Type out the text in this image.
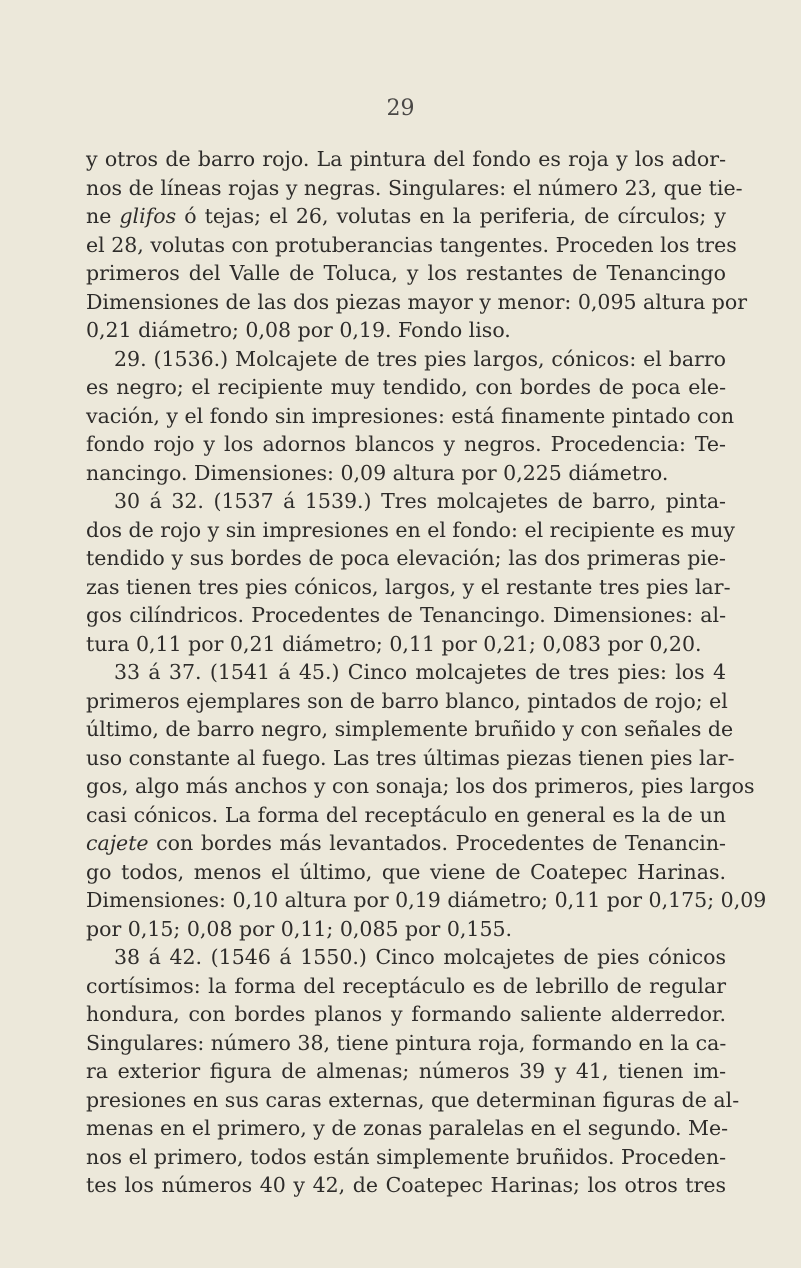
29
y otros de barro rojo. La pintura del fondo es roja y los ador-
nos de líneas rojas y negras. Singulares: el número 23, que tie-
ne glifos ó tejas; el 26, volutas en la periferia, de círculos; y
el 28, volutas con protuberancias tangentes. Proceden los tres
primeros del Valle de Toluca, y los restantes de Tenancingo
Dimensiones de las dos piezas mayor y menor: 0,095 altura por
0,21 diámetro; 0,08 por 0,19. Fondo liso.
29. (1536.) Molcajete de tres pies largos, cónicos: el barro
es negro; el recipiente muy tendido, con bordes de poca ele-
vación, y el fondo sin impresiones: está finamente pintado con
fondo rojo y los adornos blancos y negros. Procedencia: Te-
nancingo. Dimensiones: 0,09 altura por 0,225 diámetro.
30 á 32. (1537 á 1539.) Tres molcajetes de barro, pinta-
dos de rojo y sin impresiones en el fondo: el recipiente es muy
tendido y sus bordes de poca elevación; las dos primeras pie-
zas tienen tres pies cónicos, largos, y el restante tres pies lar-
gos cilíndricos. Procedentes de Tenancingo. Dimensiones: al-
tura 0,11 por 0,21 diámetro; 0,11 por 0,21; 0,083 por 0,20.
33 á 37. (1541 á 45.) Cinco molcajetes de tres pies: los 4
primeros ejemplares son de barro blanco, pintados de rojo; el
último, de barro negro, simplemente bruñido y con señales de
uso constante al fuego. Las tres últimas piezas tienen pies lar-
gos, algo más anchos y con sonaja; los dos primeros, pies largos
casi cónicos. La forma del receptáculo en general es la de un
cajete con bordes más levantados. Procedentes de Tenancin-
go todos, menos el último, que viene de Coatepec Harinas.
Dimensiones: 0,10 altura por 0,19 diámetro; 0,11 por 0,175; 0,09
por 0,15; 0,08 por 0,11; 0,085 por 0,155.
38 á 42. (1546 á 1550.) Cinco molcajetes de pies cónicos
cortísimos: la forma del receptáculo es de lebrillo de regular
hondura, con bordes planos y formando saliente alderredor.
Singulares: número 38, tiene pintura roja, formando en la ca-
ra exterior figura de almenas; números 39 y 41, tienen im-
presiones en sus caras externas, que determinan figuras de al-
menas en el primero, y de zonas paralelas en el segundo. Me-
nos el primero, todos están simplemente bruñidos. Proceden-
tes los números 40 y 42, de Coatepec Harinas; los otros tres
